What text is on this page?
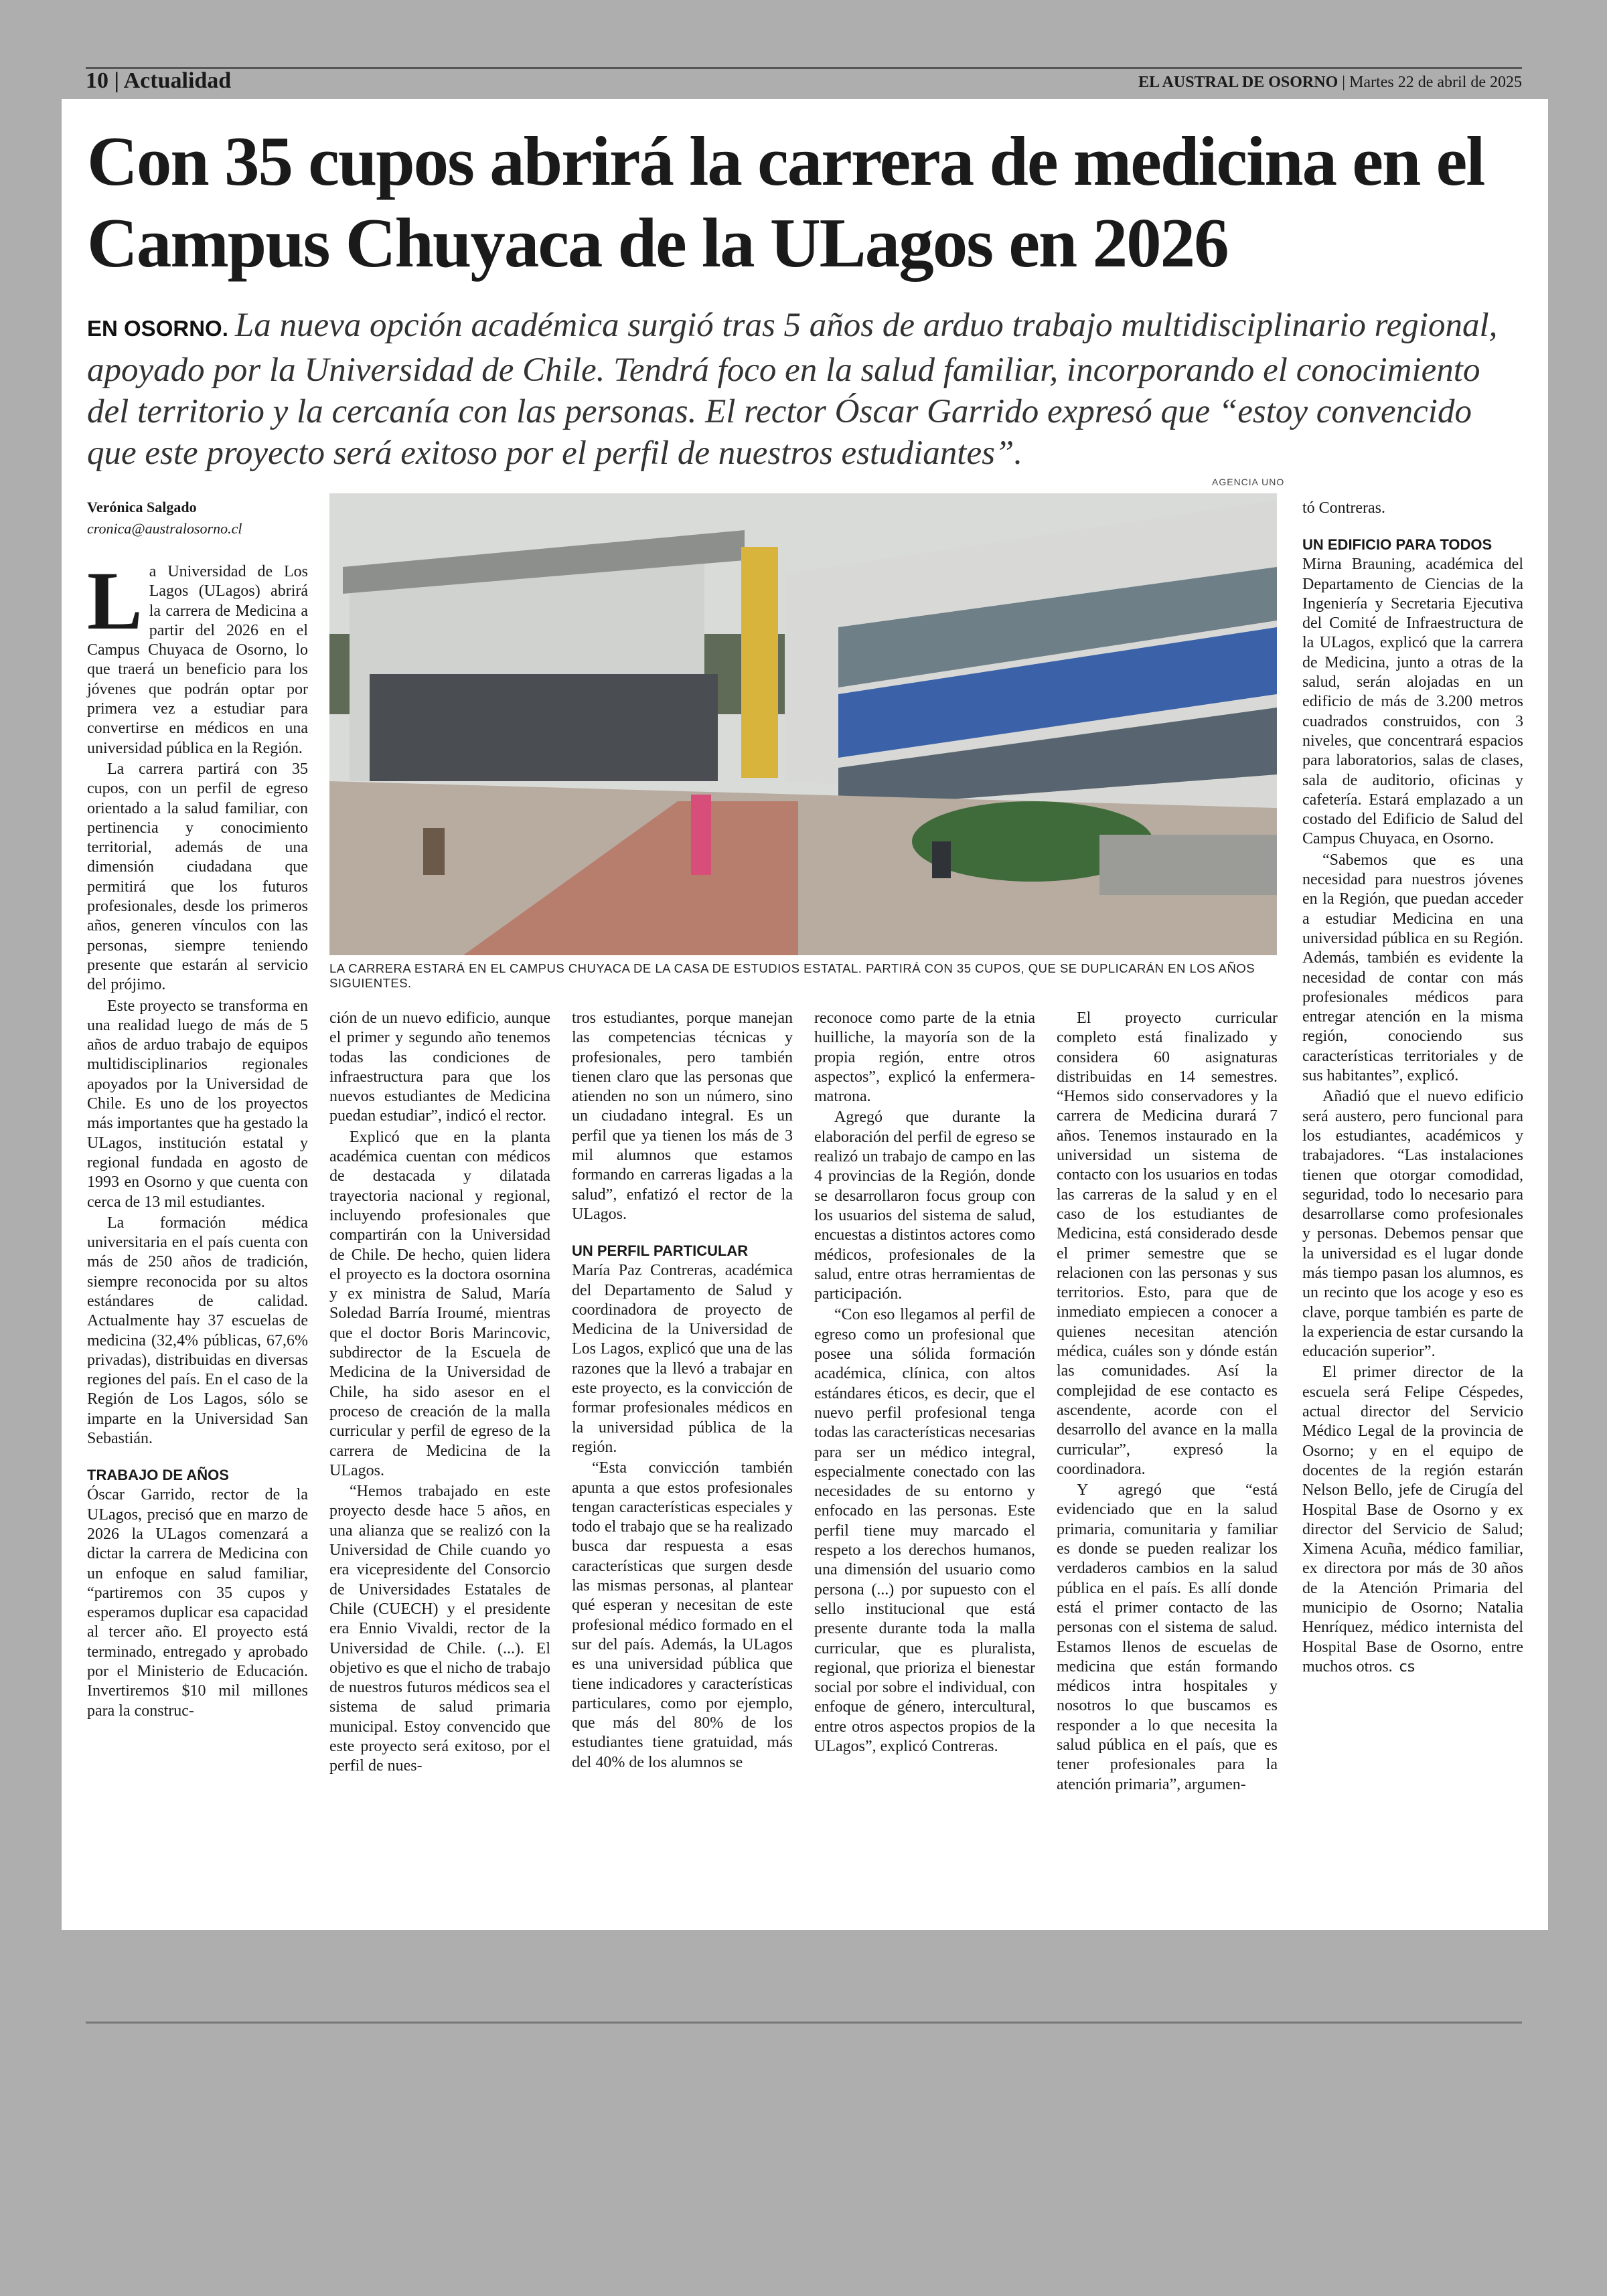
10 | Actualidad	EL AUSTRAL DE OSORNO | Martes 22 de abril de 2025
Con 35 cupos abrirá la carrera de medicina en el Campus Chuyaca de la ULagos en 2026

EN OSORNO. La nueva opción académica surgió tras 5 años de arduo trabajo multidisciplinario regional, apoyado por la Universidad de Chile. Tendrá foco en la salud familiar, incorporando el conocimiento del territorio y la cercanía con las personas. El rector Óscar Garrido expresó que “estoy convencido que este proyecto será exitoso por el perfil de nuestros estudiantes”.

Verónica Salgado
cronica@australosorno.cl
AGENCIA UNO
LA CARRERA ESTARÁ EN EL CAMPUS CHUYACA DE LA CASA DE ESTUDIOS ESTATAL. PARTIRÁ CON 35 CUPOS, QUE SE DUPLICARÁN EN LOS AÑOS SIGUIENTES.

La Universidad de Los Lagos (ULagos) abrirá la carrera de Medicina a partir del 2026 en el Campus Chuyaca de Osorno, lo que traerá un beneficio para los jóvenes que podrán optar por primera vez a estudiar para convertirse en médicos en una universidad pública en la Región.

La carrera partirá con 35 cupos, con un perfil de egreso orientado a la salud familiar, con pertinencia y conocimiento territorial, además de una dimensión ciudadana que permitirá que los futuros profesionales, desde los primeros años, generen vínculos con las personas, siempre teniendo presente que estarán al servicio del prójimo.

Este proyecto se transforma en una realidad luego de más de 5 años de arduo trabajo de equipos multidisciplinarios regionales apoyados por la Universidad de Chile. Es uno de los proyectos más importantes que ha gestado la ULagos, institución estatal y regional fundada en agosto de 1993 en Osorno y que cuenta con cerca de 13 mil estudiantes.

La formación médica universitaria en el país cuenta con más de 250 años de tradición, siempre reconocida por su altos estándares de calidad. Actualmente hay 37 escuelas de medicina (32,4% públicas, 67,6% privadas), distribuidas en diversas regiones del país. En el caso de la Región de Los Lagos, sólo se imparte en la Universidad San Sebastián.

TRABAJO DE AÑOS

Óscar Garrido, rector de la ULagos, precisó que en marzo de 2026 la ULagos comenzará a dictar la carrera de Medicina con un enfoque en salud familiar, “partiremos con 35 cupos y esperamos duplicar esa capacidad al tercer año. El proyecto está terminado, entregado y aprobado por el Ministerio de Educación. Invertiremos $10 mil millones para la construc-

ción de un nuevo edificio, aunque el primer y segundo año tenemos todas las condiciones de infraestructura para que los nuevos estudiantes de Medicina puedan estudiar”, indicó el rector.

Explicó que en la planta académica cuentan con médicos de destacada y dilatada trayectoria nacional y regional, incluyendo profesionales que compartirán con la Universidad de Chile. De hecho, quien lidera el proyecto es la doctora osornina y ex ministra de Salud, María Soledad Barría Iroumé, mientras que el doctor Boris Marincovic, subdirector de la Escuela de Medicina de la Universidad de Chile, ha sido asesor en el proceso de creación de la malla curricular y perfil de egreso de la carrera de Medicina de la ULagos.

“Hemos trabajado en este proyecto desde hace 5 años, en una alianza que se realizó con la Universidad de Chile cuando yo era vicepresidente del Consorcio de Universidades Estatales de Chile (CUECH) y el presidente era Ennio Vivaldi, rector de la Universidad de Chile. (...). El objetivo es que el nicho de trabajo de nuestros futuros médicos sea el sistema de salud primaria municipal. Estoy convencido que este proyecto será exitoso, por el perfil de nues-

tros estudiantes, porque manejan las competencias técnicas y profesionales, pero también tienen claro que las personas que atienden no son un número, sino un ciudadano integral. Es un perfil que ya tienen los más de 3 mil alumnos que estamos formando en carreras ligadas a la salud”, enfatizó el rector de la ULagos.

UN PERFIL PARTICULAR

María Paz Contreras, académica del Departamento de Salud y coordinadora de proyecto de Medicina de la Universidad de Los Lagos, explicó que una de las razones que la llevó a trabajar en este proyecto, es la convicción de formar profesionales médicos en la universidad pública de la región.

“Esta convicción también apunta a que estos profesionales tengan características especiales y todo el trabajo que se ha realizado busca dar respuesta a esas características que surgen desde las mismas personas, al plantear qué esperan y necesitan de este profesional médico formado en el sur del país. Además, la ULagos es una universidad pública que tiene indicadores y características particulares, como por ejemplo, que más del 80% de los estudiantes tiene gratuidad, más del 40% de los alumnos se

reconoce como parte de la etnia huilliche, la mayoría son de la propia región, entre otros aspectos”, explicó la enfermera-matrona.

Agregó que durante la elaboración del perfil de egreso se realizó un trabajo de campo en las 4 provincias de la Región, donde se desarrollaron focus group con los usuarios del sistema de salud, encuestas a distintos actores como médicos, profesionales de la salud, entre otras herramientas de participación.

“Con eso llegamos al perfil de egreso como un profesional que posee una sólida formación académica, clínica, con altos estándares éticos, es decir, que el nuevo perfil profesional tenga todas las características necesarias para ser un médico integral, especialmente conectado con las necesidades de su entorno y enfocado en las personas. Este perfil tiene muy marcado el respeto a los derechos humanos, una dimensión del usuario como persona (...) por supuesto con el sello institucional que está presente durante toda la malla curricular, que es pluralista, regional, que prioriza el bienestar social por sobre el individual, con enfoque de género, intercultural, entre otros aspectos propios de la ULagos”, explicó Contreras.

El proyecto curricular completo está finalizado y considera 60 asignaturas distribuidas en 14 semestres. “Hemos sido conservadores y la carrera de Medicina durará 7 años. Tenemos instaurado en la universidad un sistema de contacto con los usuarios en todas las carreras de la salud y en el caso de los estudiantes de Medicina, está considerado desde el primer semestre que se relacionen con las personas y sus territorios. Esto, para que de inmediato empiecen a conocer a quienes necesitan atención médica, cuáles son y dónde están las comunidades. Así la complejidad de ese contacto es ascendente, acorde con el desarrollo del avance en la malla curricular”, expresó la coordinadora.

Y agregó que “está evidenciado que en la salud primaria, comunitaria y familiar es donde se pueden realizar los verdaderos cambios en la salud pública en el país. Es allí donde está el primer contacto de las personas con el sistema de salud. Estamos llenos de escuelas de medicina que están formando médicos intra hospitales y nosotros lo que buscamos es responder a lo que necesita la salud pública en el país, que es tener profesionales para la atención primaria”, argumen-

tó Contreras.

UN EDIFICIO PARA TODOS

Mirna Brauning, académica del Departamento de Ciencias de la Ingeniería y Secretaria Ejecutiva del Comité de Infraestructura de la ULagos, explicó que la carrera de Medicina, junto a otras de la salud, serán alojadas en un edificio de más de 3.200 metros cuadrados construidos, con 3 niveles, que concentrará espacios para laboratorios, salas de clases, sala de auditorio, oficinas y cafetería. Estará emplazado a un costado del Edificio de Salud del Campus Chuyaca, en Osorno.

“Sabemos que es una necesidad para nuestros jóvenes en la Región, que puedan acceder a estudiar Medicina en una universidad pública en su Región. Además, también es evidente la necesidad de contar con más profesionales médicos para entregar atención en la misma región, conociendo sus características territoriales y de sus habitantes”, explicó.

Añadió que el nuevo edificio será austero, pero funcional para los estudiantes, académicos y trabajadores. “Las instalaciones tienen que otorgar comodidad, seguridad, todo lo necesario para desarrollarse como profesionales y personas. Debemos pensar que la universidad es el lugar donde más tiempo pasan los alumnos, es un recinto que los acoge y eso es clave, porque también es parte de la experiencia de estar cursando la educación superior”.

El primer director de la escuela será Felipe Céspedes, actual director del Servicio Médico Legal de la provincia de Osorno; y en el equipo de docentes de la región estarán Nelson Bello, jefe de Cirugía del Hospital Base de Osorno y ex director del Servicio de Salud; Ximena Acuña, médico familiar, ex directora por más de 30 años de la Atención Primaria del municipio de Osorno; Natalia Henríquez, médico internista del Hospital Base de Osorno, entre muchos otros. cs
